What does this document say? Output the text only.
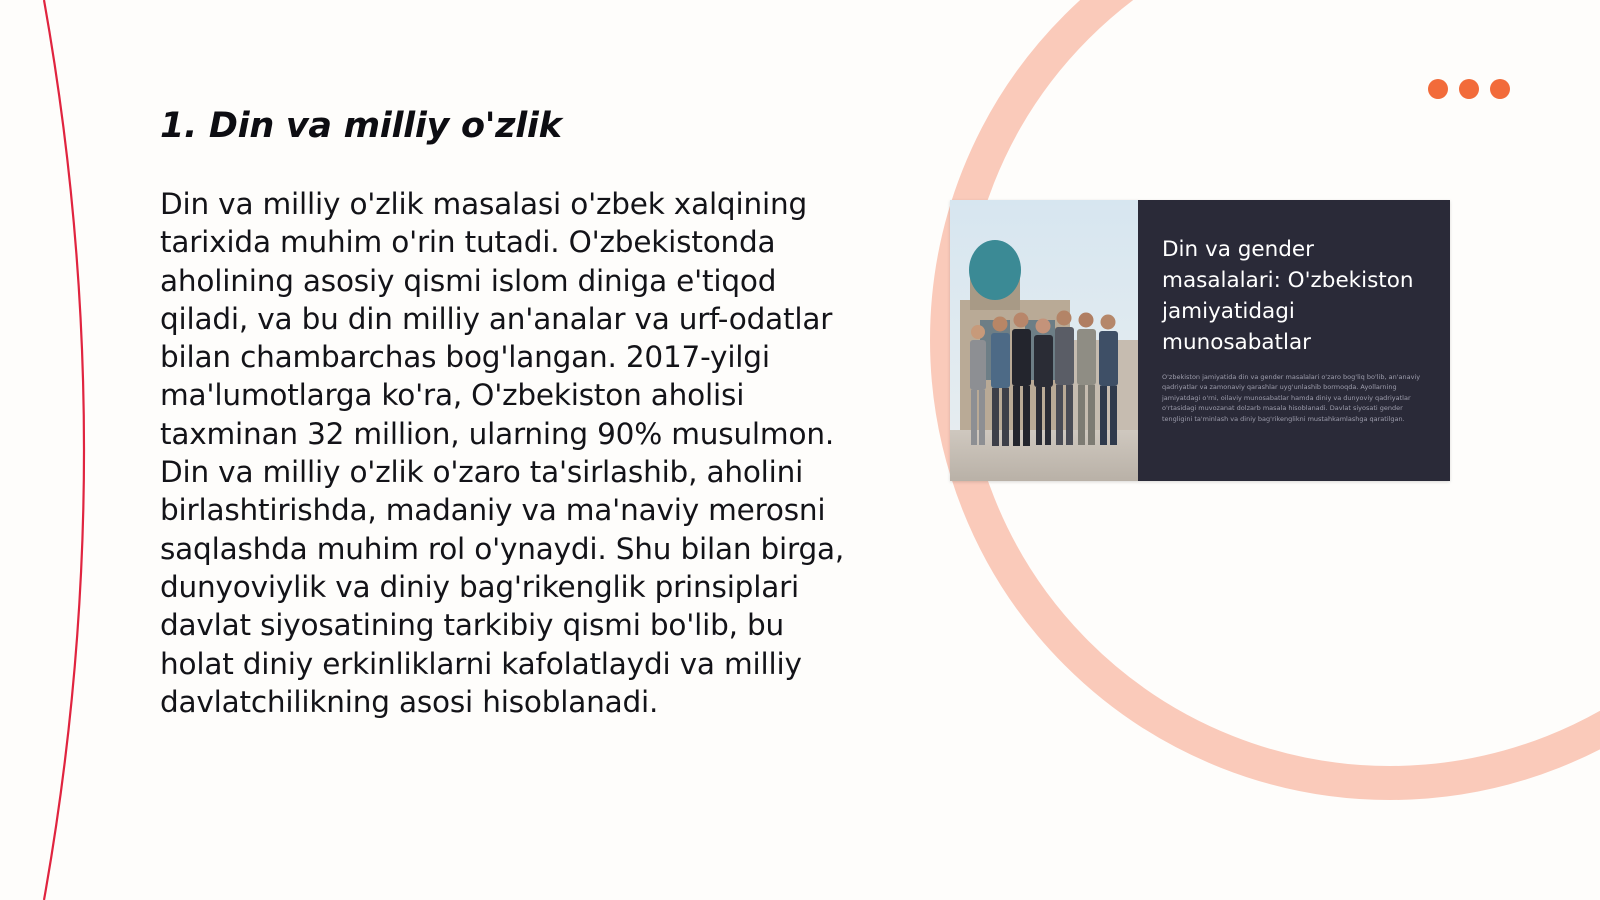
1. Din va milliy o'zlik

Din va milliy o'zlik masalasi o'zbek xalqining tarixida muhim o'rin tutadi. O'zbekistonda aholining asosiy qismi islom diniga e'tiqod qiladi, va bu din milliy an'analar va urf-odatlar bilan chambarchas bog'langan. 2017-yilgi ma'lumotlarga ko'ra, O'zbekiston aholisi taxminan 32 million, ularning 90% musulmon. Din va milliy o'zlik o'zaro ta'sirlashib, aholini birlashtirishda, madaniy va ma'naviy merosni saqlashda muhim rol o'ynaydi. Shu bilan birga, dunyoviylik va diniy bag'rikenglik prinsiplari davlat siyosatining tarkibiy qismi bo'lib, bu holat diniy erkinliklarni kafolatlaydi va milliy davlatchilikning asosi hisoblanadi.

Din va gender masalalari: O'zbekiston jamiyatidagi munosabatlar

O'zbekiston jamiyatida din va gender masalalari o'zaro bog'liq bo'lib, an'anaviy qadriyatlar va zamonaviy qarashlar uyg'unlashib bormoqda. Ayollarning jamiyatdagi o'rni, oilaviy munosabatlar hamda diniy va dunyoviy qadriyatlar o'rtasidagi muvozanat dolzarb masala hisoblanadi. Davlat siyosati gender tengligini ta'minlash va diniy bag'rikenglikni mustahkamlashga qaratilgan.
